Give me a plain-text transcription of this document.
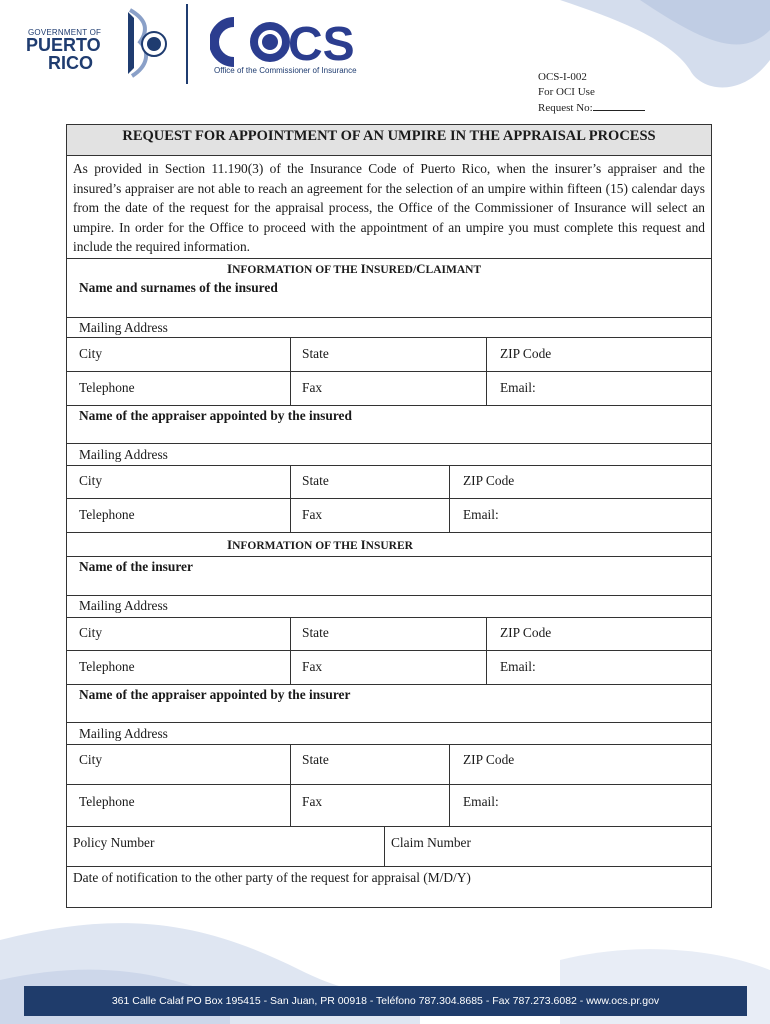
GOVERNMENT OF
PUERTO
RICO	CS
Office of the Commissioner of Insurance
OCS-I-002
For OCI Use
Request No:
REQUEST FOR APPOINTMENT OF AN UMPIRE IN THE APPRAISAL PROCESS
As provided in Section 11.190(3) of the Insurance Code of Puerto Rico, when the insurer’s appraiser and the insured’s appraiser are not able to reach an agreement for the selection of an umpire within fifteen (15) calendar days from the date of the request for the appraisal process, the Office of the Commissioner of Insurance will select an umpire. In order for the Office to proceed with the appointment of an umpire you must complete this request and include the required information.
INFORMATION OF THE INSURED/CLAIMANT
Name and surnames of the insured
Mailing Address
City	State	ZIP Code
Telephone	Fax	Email:
Name of the appraiser appointed by the insured
Mailing Address
City	State	ZIP Code
Telephone	Fax	Email:
INFORMATION OF THE INSURER
Name of the insurer
Mailing Address
City	State	ZIP Code
Telephone	Fax	Email:
Name of the appraiser appointed by the insurer
Mailing Address
City	State	ZIP Code
Telephone	Fax	Email:
Policy Number	Claim Number
Date of notification to the other party of the request for appraisal (M/D/Y)
361 Calle Calaf PO Box 195415 - San Juan, PR 00918 - Teléfono 787.304.8685 - Fax 787.273.6082 - www.ocs.pr.gov
